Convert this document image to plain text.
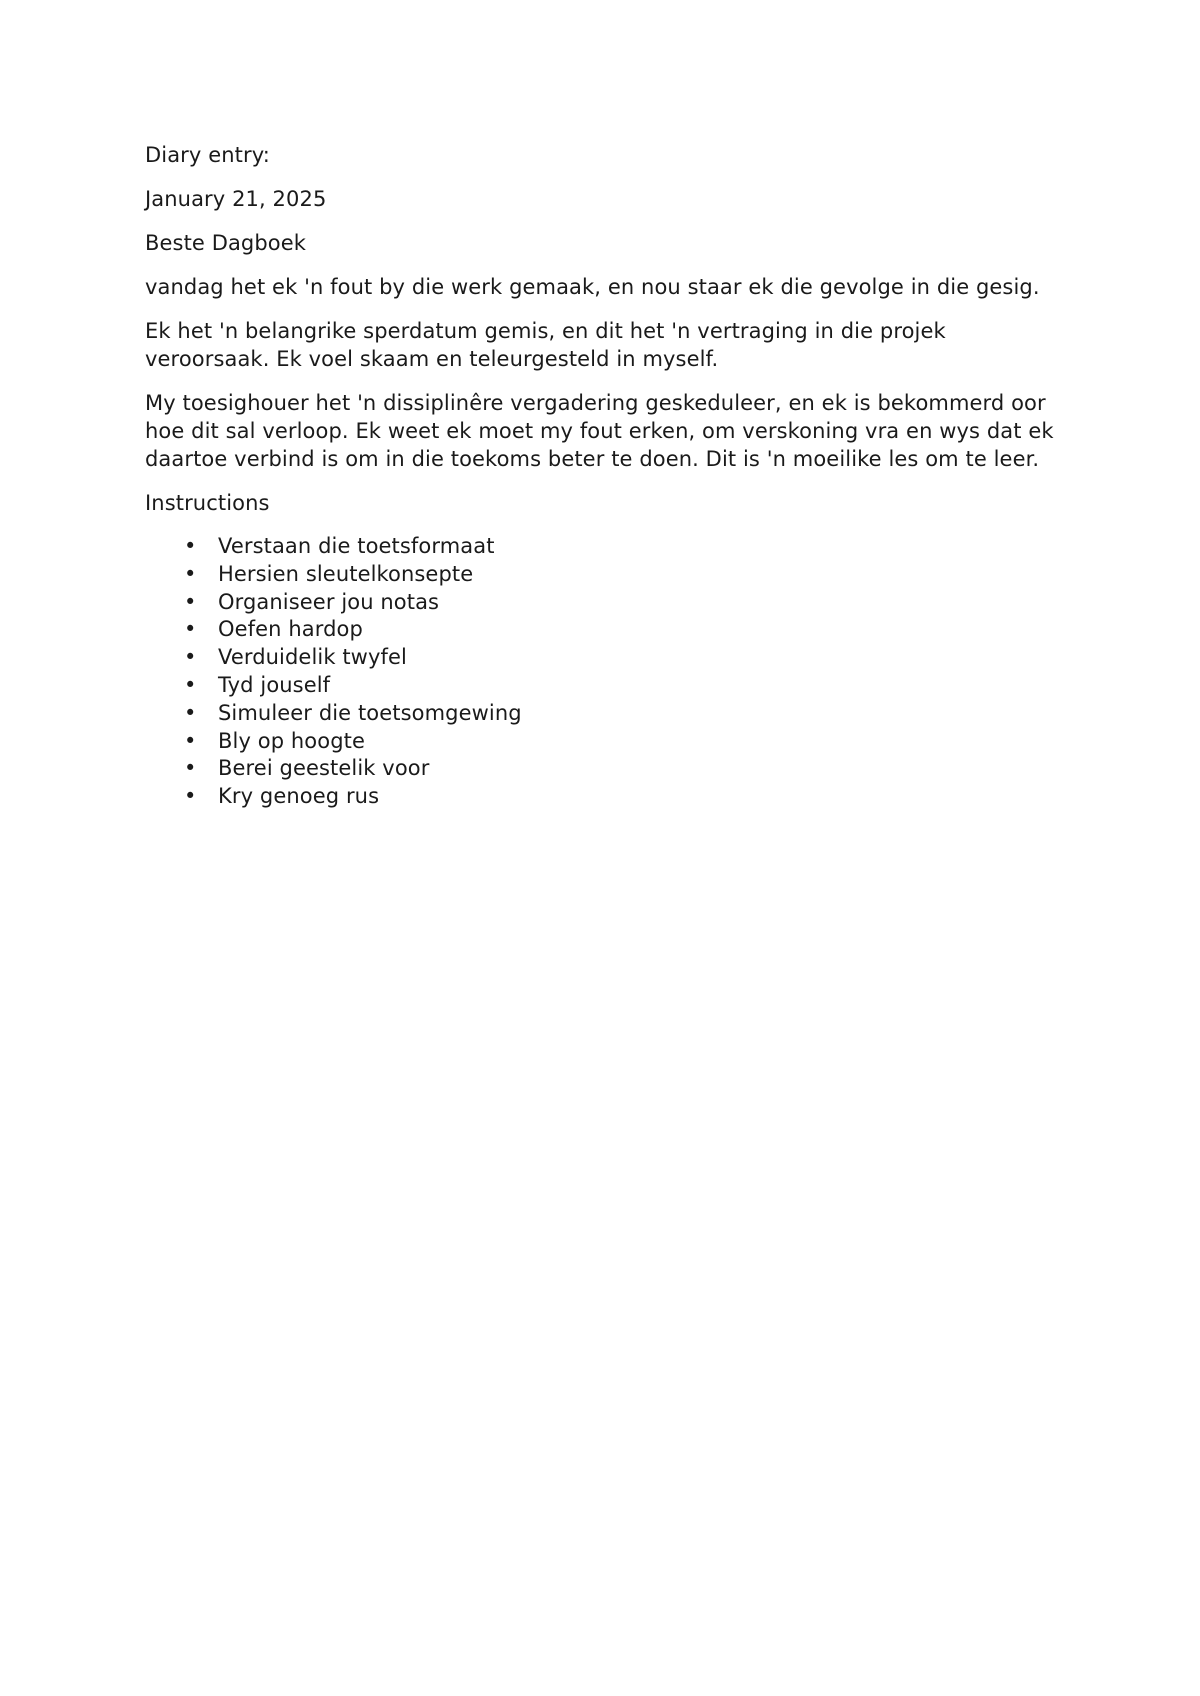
Diary entry:

January 21, 2025

Beste Dagboek

vandag het ek 'n fout by die werk gemaak, en nou staar ek die gevolge in die gesig.

Ek het 'n belangrike sperdatum gemis, en dit het 'n vertraging in die projek veroorsaak. Ek voel skaam en teleurgesteld in myself.

My toesighouer het 'n dissiplinêre vergadering geskeduleer, en ek is bekommerd oor hoe dit sal verloop. Ek weet ek moet my fout erken, om verskoning vra en wys dat ek daartoe verbind is om in die toekoms beter te doen. Dit is 'n moeilike les om te leer.

Instructions

• Verstaan die toetsformaat
• Hersien sleutelkonsepte
• Organiseer jou notas
• Oefen hardop
• Verduidelik twyfel
• Tyd jouself
• Simuleer die toetsomgewing
• Bly op hoogte
• Berei geestelik voor
• Kry genoeg rus
